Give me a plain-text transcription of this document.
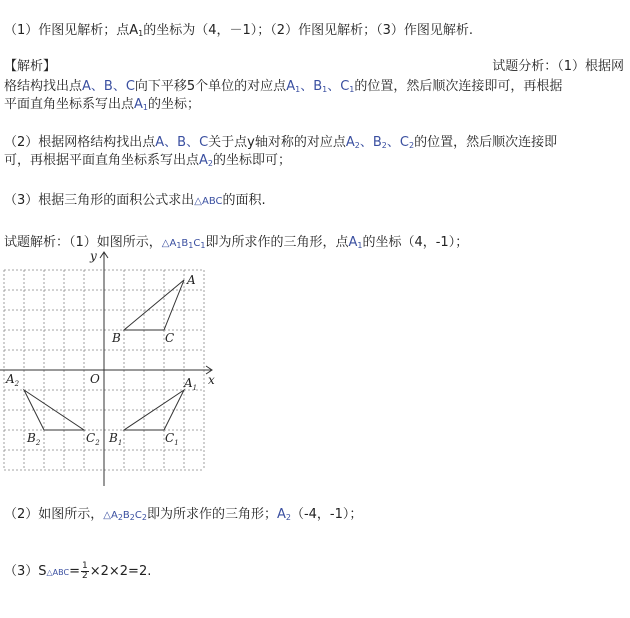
（1）作图见解析；点$A_1$的坐标为（4，－1）；（2）作图见解析；（3）作图见解析.
【解析】	试题分析：（1）根据网
格结构找出点A、B、C向下平移5个单位的对应点$A_1$、$B_1$、$C_1$的位置，然后顺次连接即可，再根据
平面直角坐标系写出点$A_1$的坐标；
（2）根据网格结构找出点A、B、C关于点y轴对称的对应点$A_2$、$B_2$、$C_2$的位置，然后顺次连接即
可，再根据平面直角坐标系写出点$A_2$的坐标即可；
（3）根据三角形的面积公式求出△ABC的面积.
试题解析：（1）如图所示，$\triangle A_1B_1C_1$即为所求作的三角形，点$A_1$的坐标（4，-1）；
x
y
O
A
B	C
$A_1$
$B_1$	$C_1$
$A_2$
$B_2$	$C_2$
（2）如图所示，$\triangle A_2B_2C_2$即为所求作的三角形；$A_2(-4$，-1）；
（3）S△ABC= $\frac{1}{2} \times 2\times 2=2$.
